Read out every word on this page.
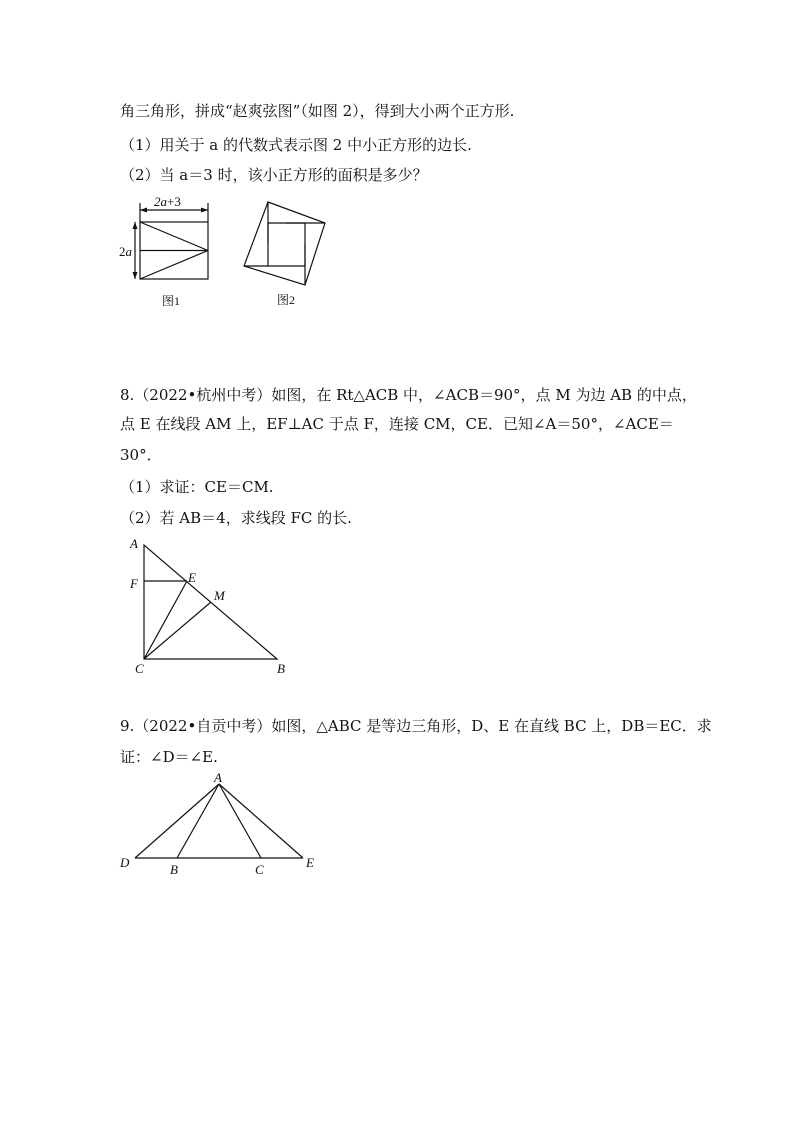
角三角形，拼成“赵爽弦图”（如图 2），得到大小两个正方形.
（1）用关于 a 的代数式表示图 2 中小正方形的边长.
（2）当 a＝3 时，该小正方形的面积是多少？
2a+3
2a
图1	图2
8.（2022•杭州中考）如图，在 Rt△ACB 中，∠ACB＝90°，点 M 为边 AB 的中点，
点 E 在线段 AM 上，EF⊥AC 于点 F，连接 CM，CE．已知∠A＝50°，∠ACE＝
30°．
（1）求证：CE＝CM.
（2）若 AB＝4，求线段 FC 的长.
A
F	E
M
C	B
9.（2022•自贡中考）如图，△ABC 是等边三角形，D、E 在直线 BC 上，DB＝EC．求
证：∠D＝∠E.
A
D	B	C	E
